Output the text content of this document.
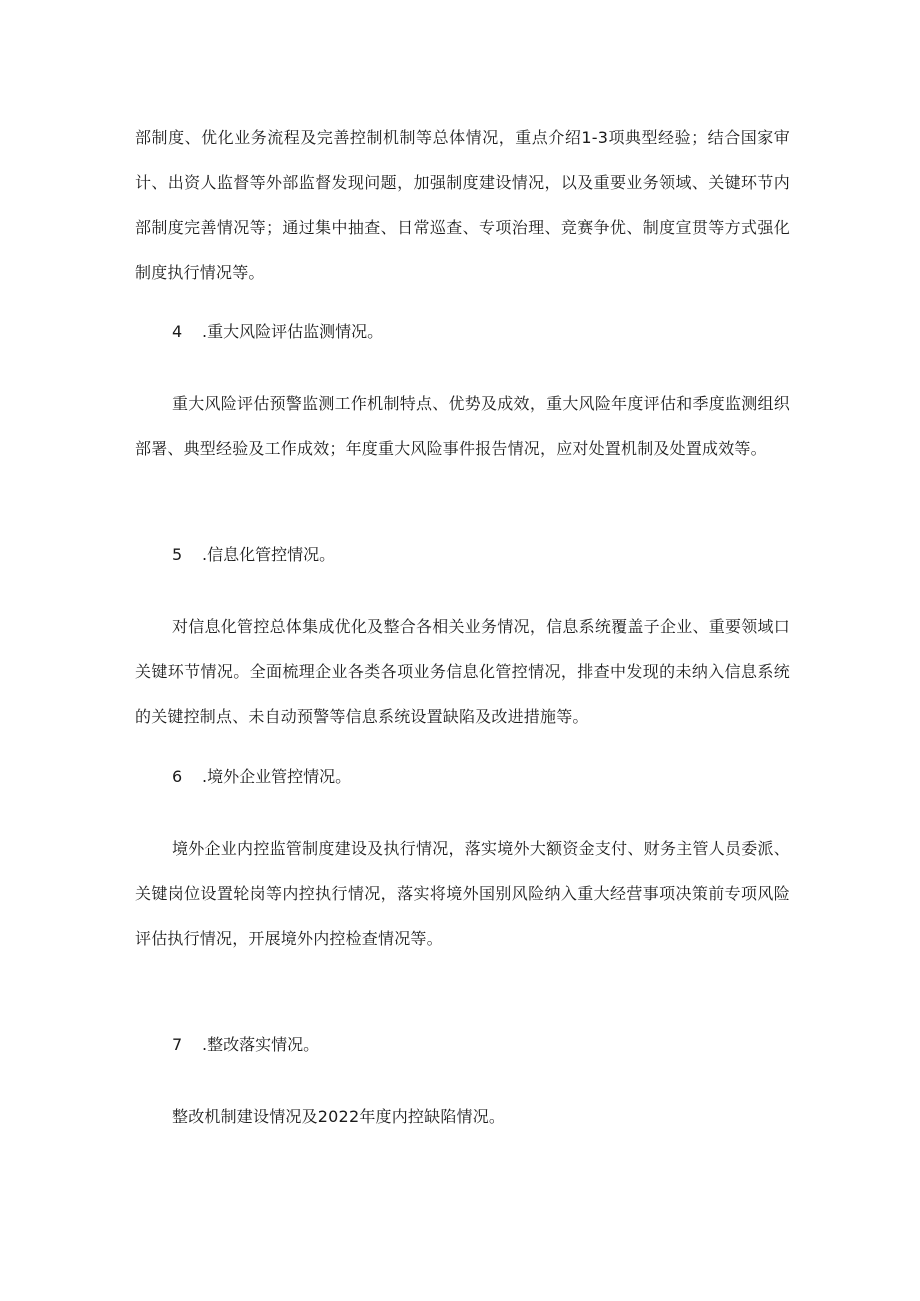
部制度、优化业务流程及完善控制机制等总体情况，重点介绍1-3项典型经验；结合国家审计、出资人监督等外部监督发现问题，加强制度建设情况，以及重要业务领域、关键环节内部制度完善情况等；通过集中抽查、日常巡查、专项治理、竞赛争优、制度宣贯等方式强化制度执行情况等。

4 .重大风险评估监测情况。

重大风险评估预警监测工作机制特点、优势及成效，重大风险年度评估和季度监测组织部署、典型经验及工作成效；年度重大风险事件报告情况，应对处置机制及处置成效等。

5 .信息化管控情况。

对信息化管控总体集成优化及整合各相关业务情况，信息系统覆盖子企业、重要领域口关键环节情况。全面梳理企业各类各项业务信息化管控情况，排查中发现的未纳入信息系统的关键控制点、未自动预警等信息系统设置缺陷及改进措施等。

6 .境外企业管控情况。

境外企业内控监管制度建设及执行情况，落实境外大额资金支付、财务主管人员委派、关键岗位设置轮岗等内控执行情况，落实将境外国别风险纳入重大经营事项决策前专项风险评估执行情况，开展境外内控检查情况等。

7 .整改落实情况。

整改机制建设情况及2022年度内控缺陷情况。
